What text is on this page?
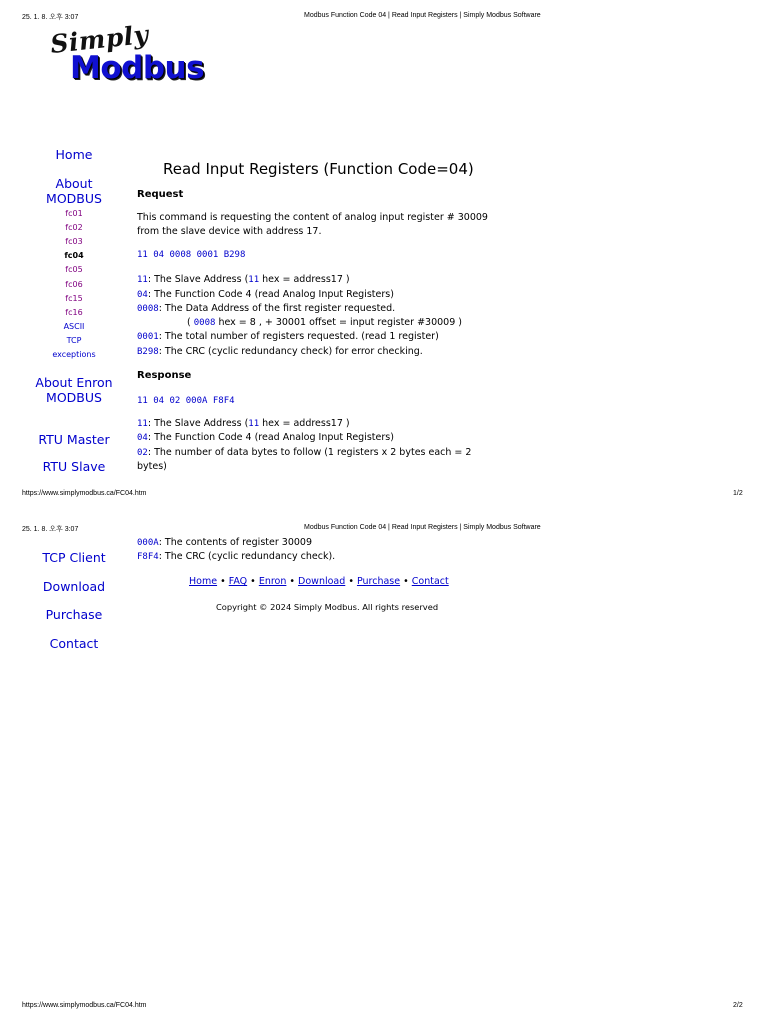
25. 1. 8. 오후 3:07	Modbus Function Code 04 | Read Input Registers | Simply Modbus Software
Simply
Modbus
Home
About MODBUS
fc01
fc02
fc03
fc04
fc05
fc06
fc15
fc16
ASCII
TCP
exceptions
About Enron MODBUS
RTU Master
RTU Slave
Read Input Registers (Function Code=04)
Request
This command is requesting the content of analog input register # 30009
from the slave device with address 17.
11 04 0008 0001 B298
11: The Slave Address (11 hex = address17 )
04: The Function Code 4 (read Analog Input Registers)
0008: The Data Address of the first register requested.
( 0008 hex = 8 , + 30001 offset = input register #30009 )
0001: The total number of registers requested. (read 1 register)
B298: The CRC (cyclic redundancy check) for error checking.
Response
11 04 02 000A F8F4
11: The Slave Address (11 hex = address17 )
04: The Function Code 4 (read Analog Input Registers)
02: The number of data bytes to follow (1 registers x 2 bytes each = 2
bytes)
https://www.simplymodbus.ca/FC04.htm	1/2
25. 1. 8. 오후 3:07	Modbus Function Code 04 | Read Input Registers | Simply Modbus Software
TCP Client
Download
Purchase
Contact
000A: The contents of register 30009
F8F4: The CRC (cyclic redundancy check).
Home • FAQ • Enron • Download • Purchase • Contact
Copyright © 2024 Simply Modbus. All rights reserved
https://www.simplymodbus.ca/FC04.htm	2/2
